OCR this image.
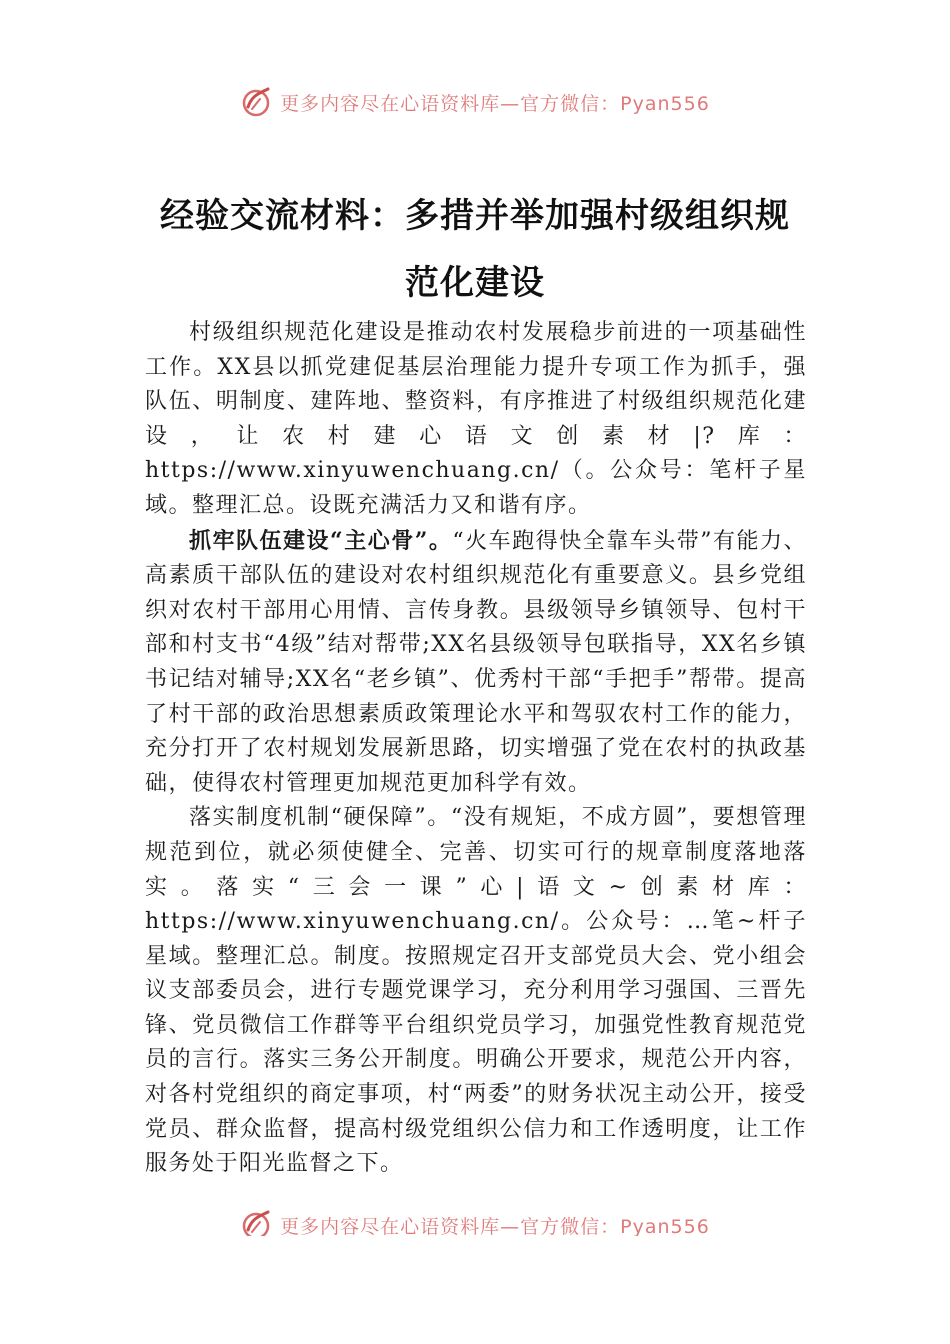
更多内容尽在心语资料库—官方微信：Pyan556
经验交流材料：多措并举加强村级组织规
范化建设

村级组织规范化建设是推动农村发展稳步前进的一项基础性工作。XX县以抓党建促基层治理能力提升专项工作为抓手，强队伍、明制度、建阵地、整资料，有序推进了村级组织规范化建设，让农村建心语文创素材|?库：https://www.xinyuwenchuang.cn/（。公众号：笔杆子星域。整理汇总。设既充满活力又和谐有序。

抓牢队伍建设“主心骨”。“火车跑得快全靠车头带”有能力、高素质干部队伍的建设对农村组织规范化有重要意义。县乡党组织对农村干部用心用情、言传身教。县级领导乡镇领导、包村干部和村支书“4级”结对帮带;XX名县级领导包联指导，XX名乡镇书记结对辅导;XX名“老乡镇”、优秀村干部“手把手”帮带。提高了村干部的政治思想素质政策理论水平和驾驭农村工作的能力，充分打开了农村规划发展新思路，切实增强了党在农村的执政基础，使得农村管理更加规范更加科学有效。

落实制度机制“硬保障”。“没有规矩，不成方圆”，要想管理规范到位，就必须使健全、完善、切实可行的规章制度落地落实。落实“三会一课”心|语文~创素材库：https://www.xinyuwenchuang.cn/。公众号：…笔~杆子星域。整理汇总。制度。按照规定召开支部党员大会、党小组会议支部委员会，进行专题党课学习，充分利用学习强国、三晋先锋、党员微信工作群等平台组织党员学习，加强党性教育规范党员的言行。落实三务公开制度。明确公开要求，规范公开内容，对各村党组织的商定事项，村“两委”的财务状况主动公开，接受党员、群众监督，提高村级党组织公信力和工作透明度，让工作服务处于阳光监督之下。

更多内容尽在心语资料库—官方微信：Pyan556
